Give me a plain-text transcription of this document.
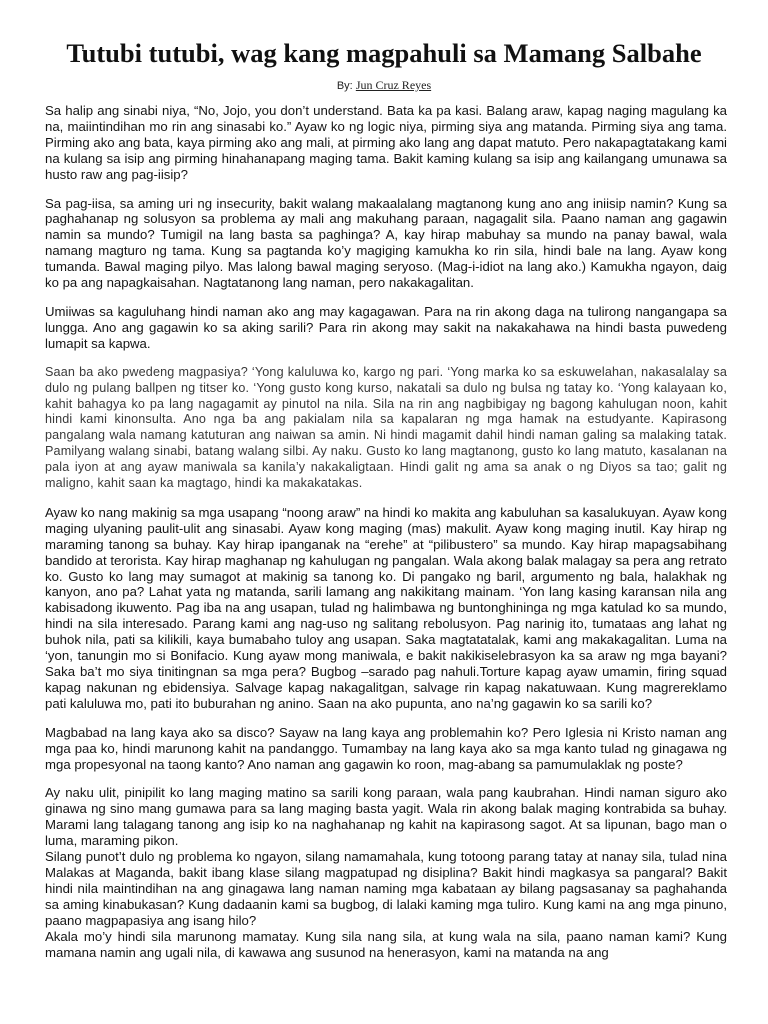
Tutubi tutubi, wag kang magpahuli sa Mamang Salbahe
By: Jun Cruz Reyes

Sa halip ang sinabi niya, “No, Jojo, you don’t understand. Bata ka pa kasi. Balang araw, kapag naging magulang ka na, maiintindihan mo rin ang sinasabi ko.” Ayaw ko ng logic niya, pirming siya ang matanda. Pirming siya ang tama. Pirming ako ang bata, kaya pirming ako ang mali, at pirming ako lang ang dapat matuto. Pero nakapagtatakang kami na kulang sa isip ang pirming hinahanapang maging tama. Bakit kaming kulang sa isip ang kailangang umunawa sa husto raw ang pag-iisip?

Sa pag-iisa, sa aming uri ng insecurity, bakit walang makaalalang magtanong kung ano ang iniisip namin? Kung sa paghahanap ng solusyon sa problema ay mali ang makuhang paraan, nagagalit sila. Paano naman ang gagawin namin sa mundo? Tumigil na lang basta sa paghinga? A, kay hirap mabuhay sa mundo na panay bawal, wala namang magturo ng tama. Kung sa pagtanda ko’y magiging kamukha ko rin sila, hindi bale na lang. Ayaw kong tumanda. Bawal maging pilyo. Mas lalong bawal maging seryoso. (Mag-i-idiot na lang ako.) Kamukha ngayon, daig ko pa ang napagkaisahan. Nagtatanong lang naman, pero nakakagalitan.

Umiiwas sa kaguluhang hindi naman ako ang may kagagawan. Para na rin akong daga na tulirong nangangapa sa lungga. Ano ang gagawin ko sa aking sarili? Para rin akong may sakit na nakakahawa na hindi basta puwedeng lumapit sa kapwa.

Saan ba ako pwedeng magpasiya? ‘Yong kaluluwa ko, kargo ng pari. ‘Yong marka ko sa eskuwelahan, nakasalalay sa dulo ng pulang ballpen ng titser ko. ‘Yong gusto kong kurso, nakatali sa dulo ng bulsa ng tatay ko. ‘Yong kalayaan ko, kahit bahagya ko pa lang nagagamit ay pinutol na nila. Sila na rin ang nagbibigay ng bagong kahulugan noon, kahit hindi kami kinonsulta. Ano nga ba ang pakialam nila sa kapalaran ng mga hamak na estudyante. Kapirasong pangalang wala namang katuturan ang naiwan sa amin. Ni hindi magamit dahil hindi naman galing sa malaking tatak. Pamilyang walang sinabi, batang walang silbi. Ay naku. Gusto ko lang magtanong, gusto ko lang matuto, kasalanan na pala iyon at ang ayaw maniwala sa kanila’y nakakaligtaan. Hindi galit ng ama sa anak o ng Diyos sa tao; galit ng maligno, kahit saan ka magtago, hindi ka makakatakas.

Ayaw ko nang makinig sa mga usapang “noong araw” na hindi ko makita ang kabuluhan sa kasalukuyan. Ayaw kong maging ulyaning paulit-ulit ang sinasabi. Ayaw kong maging (mas) makulit. Ayaw kong maging inutil. Kay hirap ng maraming tanong sa buhay. Kay hirap ipanganak na “erehe” at “pilibustero” sa mundo. Kay hirap mapagsabihang bandido at terorista. Kay hirap maghanap ng kahulugan ng pangalan. Wala akong balak malagay sa pera ang retrato ko. Gusto ko lang may sumagot at makinig sa tanong ko. Di pangako ng baril, argumento ng bala, halakhak ng kanyon, ano pa? Lahat yata ng matanda, sarili lamang ang nakikitang mainam. ‘Yon lang kasing karansan nila ang kabisadong ikuwento. Pag iba na ang usapan, tulad ng halimbawa ng buntonghininga ng mga katulad ko sa mundo, hindi na sila interesado. Parang kami ang nag-uso ng salitang rebolusyon. Pag narinig ito, tumataas ang lahat ng buhok nila, pati sa kilikili, kaya bumabaho tuloy ang usapan. Saka magtatatalak, kami ang makakagalitan. Luma na ‘yon, tanungin mo si Bonifacio. Kung ayaw mong maniwala, e bakit nakikiselebrasyon ka sa araw ng mga bayani? Saka ba’t mo siya tinitingnan sa mga pera? Bugbog –sarado pag nahuli.Torture kapag ayaw umamin, firing squad kapag nakunan ng ebidensiya. Salvage kapag nakagalitgan, salvage rin kapag nakatuwaan. Kung magrereklamo pati kaluluwa mo, pati ito buburahan ng anino. Saan na ako pupunta, ano na’ng gagawin ko sa sarili ko?

Magbabad na lang kaya ako sa disco? Sayaw na lang kaya ang problemahin ko? Pero Iglesia ni Kristo naman ang mga paa ko, hindi marunong kahit na pandanggo. Tumambay na lang kaya ako sa mga kanto tulad ng ginagawa ng mga propesyonal na taong kanto? Ano naman ang gagawin ko roon, mag-abang sa pamumulaklak ng poste?

Ay naku ulit, pinipilit ko lang maging matino sa sarili kong paraan, wala pang kaubrahan. Hindi naman siguro ako ginawa ng sino mang gumawa para sa lang maging basta yagit. Wala rin akong balak maging kontrabida sa buhay. Marami lang talagang tanong ang isip ko na naghahanap ng kahit na kapirasong sagot. At sa lipunan, bago man o luma, maraming pikon.

Silang punot’t dulo ng problema ko ngayon, silang namamahala, kung totoong parang tatay at nanay sila, tulad nina Malakas at Maganda, bakit ibang klase silang magpatupad ng disiplina? Bakit hindi magkasya sa pangaral? Bakit hindi nila maintindihan na ang ginagawa lang naman naming mga kabataan ay bilang pagsasanay sa paghahanda sa aming kinabukasan? Kung dadaanin kami sa bugbog, di lalaki kaming mga tuliro. Kung kami na ang mga pinuno, paano magpapasiya ang isang hilo?

Akala mo’y hindi sila marunong mamatay. Kung sila nang sila, at kung wala na sila, paano naman kami? Kung mamana namin ang ugali nila, di kawawa ang susunod na henerasyon, kami na matanda na ang
